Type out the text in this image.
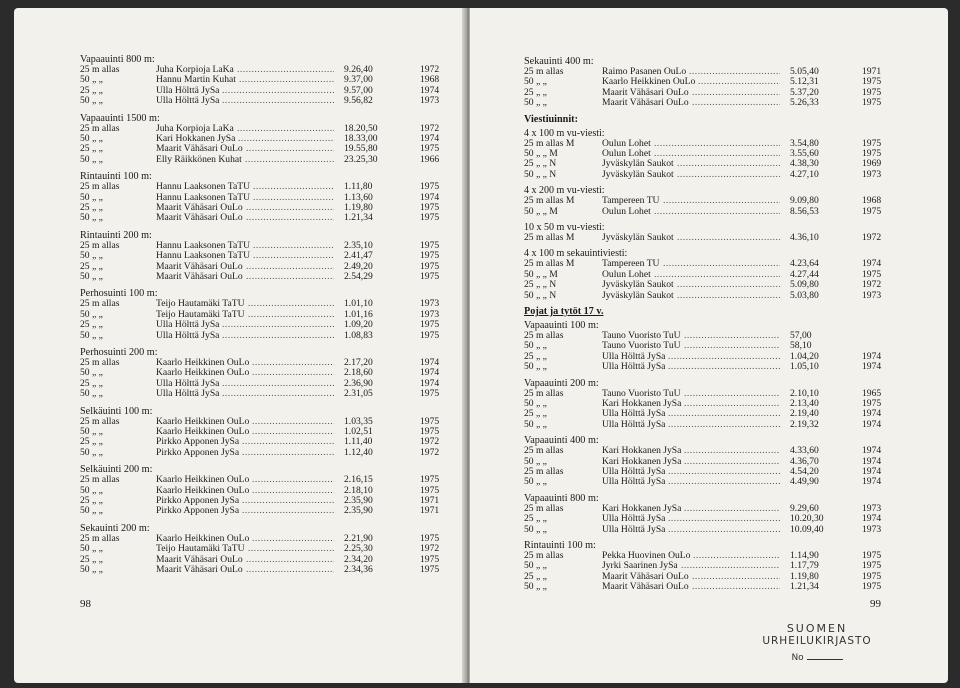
Vapaauinti 800 m:
25 m allas	Juha Korpioja LaKa .....	9.26,40	1972
50 „ „	Hannu Martin Kuhat .....	9.37,00	1968
25 „ „	Ulla Hölttä JySa .....	9.57,00	1974
50 „ „	Ulla Hölttä JySa .....	9.56,82	1973
Vapaauinti 1500 m:
25 m allas	Juha Korpioja LaKa .....	18.20,50	1972
50 „ „	Kari Hokkanen JySa .....	18.33,00	1974
25 „ „	Maarit Vähäsari OuLo .....	19.55,80	1975
50 „ „	Elly Räikkönen Kuhat .....	23.25,30	1966
Rintauinti 100 m:
25 m allas	Hannu Laaksonen TaTU .....	1.11,80	1975
50 „ „	Hannu Laaksonen TaTU .....	1.13,60	1974
25 „ „	Maarit Vähäsari OuLo .....	1.19,80	1975
50 „ „	Maarit Vähäsari OuLo .....	1.21,34	1975
Rintauinti 200 m:
25 m allas	Hannu Laaksonen TaTU .....	2.35,10	1975
50 „ „	Hannu Laaksonen TaTU .....	2.41,47	1975
25 „ „	Maarit Vähäsari OuLo .....	2.49,20	1975
50 „ „	Maarit Vähäsari OuLo .....	2.54,29	1975
Perhosuinti 100 m:
25 m allas	Teijo Hautamäki TaTU .....	1.01,10	1973
50 „ „	Teijo Hautamäki TaTU .....	1.01,16	1973
25 „ „	Ulla Hölttä JySa .....	1.09,20	1975
50 „ „	Ulla Hölttä JySa .....	1.08,83	1975
Perhosuinti 200 m:
25 m allas	Kaarlo Heikkinen OuLo .....	2.17,20	1974
50 „ „	Kaarlo Heikkinen OuLo .....	2.18,60	1974
25 „ „	Ulla Hölttä JySa .....	2.36,90	1974
50 „ „	Ulla Hölttä JySa .....	2.31,05	1975
Selkäuinti 100 m:
25 m allas	Kaarlo Heikkinen OuLo .....	1.03,35	1975
50 „ „	Kaarlo Heikkinen OuLo .....	1.02,51	1975
25 „ „	Pirkko Apponen JySa .....	1.11,40	1972
50 „ „	Pirkko Apponen JySa .....	1.12,40	1972
Selkäuinti 200 m:
25 m allas	Kaarlo Heikkinen OuLo .....	2.16,15	1975
50 „ „	Kaarlo Heikkinen OuLo .....	2.18,10	1975
25 „ „	Pirkko Apponen JySa .....	2.35,90	1971
50 „ „	Pirkko Apponen JySa .....	2.35,90	1971
Sekauinti 200 m:
25 m allas	Kaarlo Heikkinen OuLo .....	2.21,90	1975
50 „ „	Teijo Hautamäki TaTU .....	2.25,30	1972
25 „ „	Maarit Vähäsari OuLo .....	2.34,20	1975
50 „ „	Maarit Vähäsari OuLo .....	2.34,36	1975
98
Sekauinti 400 m:
25 m allas	Raimo Pasanen OuLo .....	5.05,40	1971
50 „ „	Kaarlo Heikkinen OuLo .....	5.12,31	1975
25 „ „	Maarit Vähäsari OuLo .....	5.37,20	1975
50 „ „	Maarit Vähäsari OuLo .....	5.26,33	1975
Viestiuinnit:
4 x 100 m vu-viesti:
25 m allas M	Oulun Lohet .....	3.54,80	1975
50 „ „ M	Oulun Lohet .....	3.55,60	1975
25 „ „ N	Jyväskylän Saukot .....	4.38,30	1969
50 „ „ N	Jyväskylän Saukot .....	4.27,10	1973
4 x 200 m vu-viesti:
25 m allas M	Tampereen TU .....	9.09,80	1968
50 „ „ M	Oulun Lohet .....	8.56,53	1975
10 x 50 m vu-viesti:
25 m allas M	Jyväskylän Saukot .....	4.36,10	1972
4 x 100 m sekauintiviesti:
25 m allas M	Tampereen TU .....	4.23,64	1974
50 „ „ M	Oulun Lohet .....	4.27,44	1975
25 „ „ N	Jyväskylän Saukot .....	5.09,80	1972
50 „ „ N	Jyväskylän Saukot .....	5.03,80	1973
Pojat ja tytöt 17 v.
Vapaauinti 100 m:
25 m allas	Tauno Vuoristo TuU .....	57,00
50 „ „	Tauno Vuoristo TuU .....	58,10
25 „ „	Ulla Hölttä JySa .....	1.04,20	1974
50 „ „	Ulla Hölttä JySa .....	1.05,10	1974
Vapaauinti 200 m:
25 m allas	Tauno Vuoristo TuU .....	2.10,10	1965
50 „ „	Kari Hokkanen JySa .....	2.13,40	1975
25 „ „	Ulla Hölttä JySa .....	2.19,40	1974
50 „ „	Ulla Hölttä JySa .....	2.19,32	1974
Vapaauinti 400 m:
25 m allas	Kari Hokkanen JySa .....	4.33,60	1974
50 „ „	Kari Hokkanen JySa .....	4.36,70	1974
25 m allas	Ulla Hölttä JySa .....	4.54,20	1974
50 „ „	Ulla Hölttä JySa .....	4.49,90	1974
Vapaauinti 800 m:
25 m allas	Kari Hokkanen JySa .....	9.29,60	1973
25 „ „	Ulla Hölttä JySa .....	10.20,30	1974
50 „ „	Ulla Hölttä JySa .....	10.09,40	1973
Rintauinti 100 m:
25 m allas	Pekka Huovinen OuLo .....	1.14,90	1975
50 „ „	Jyrki Saarinen JySa .....	1.17,79	1975
25 „ „	Maarit Vähäsari OuLo .....	1.19,80	1975
50 „ „	Maarit Vähäsari OuLo .....	1.21,34	1975
99
SUOMEN
URHEILUKIRJASTO
No
